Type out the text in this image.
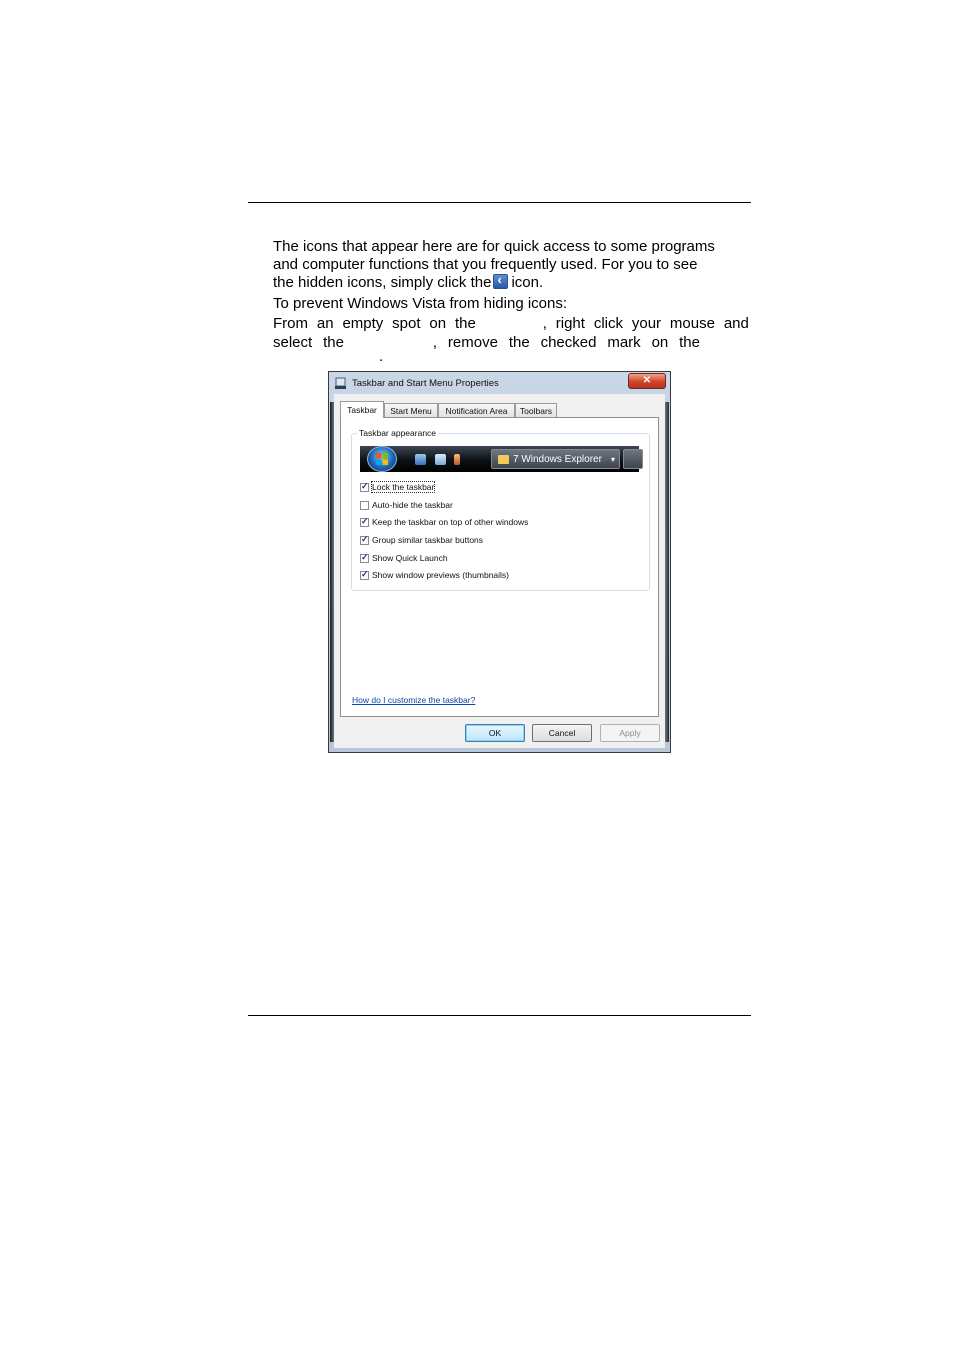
The icons that appear here are for quick access to some programs
and computer functions that you frequently used. For you to see
the hidden icons, simply click the‹ icon.
To prevent Windows Vista from hiding icons:
From an empty spot on the	, right click your mouse and
select the	, remove the checked mark on the
.
Taskbar and Start Menu Properties	✕
Taskbar	Start Menu	Notification Area	Toolbars
Taskbar appearance
7 Windows Explorer ▾
✓
Lock the taskbar
Auto-hide the taskbar
✓
Keep the taskbar on top of other windows
✓
Group similar taskbar buttons
✓
Show Quick Launch
✓
Show window previews (thumbnails)
How do I customize the taskbar?
OK	Cancel	Apply
